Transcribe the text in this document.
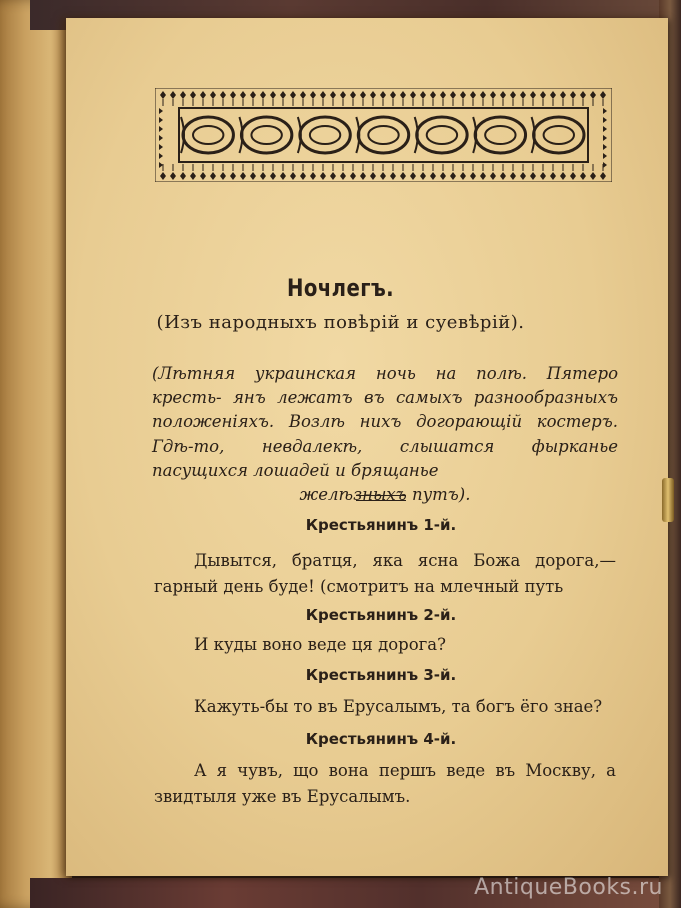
Ночлегъ.
(Изъ народныхъ повѣрій и суевѣрій).
(Лѣтняя украинская ночь на полѣ. Пятеро кресть- янъ лежатъ въ самыхъ разнообразныхъ положеніяхъ. Возлѣ нихъ догорающій костеръ. Гдѣ-то, невдалекѣ, слышатся фырканье пасущихся лошадей и брящанье
желѣзныхъ путъ).
Крестьянинъ 1-й.
Дывытся, братця, яка ясна Божа дорога,—гарный день буде! (смотритъ на млечный путь
Крестьянинъ 2-й.
И куды воно веде ця дорога?
Крестьянинъ 3-й.
Кажуть-бы то въ Ерусалымъ, та богъ ёго знае?
Крестьянинъ 4-й.
А я чувъ, що вона першъ веде въ Москву, а звидтыля уже въ Ерусалымъ.
AntiqueBooks.ru
